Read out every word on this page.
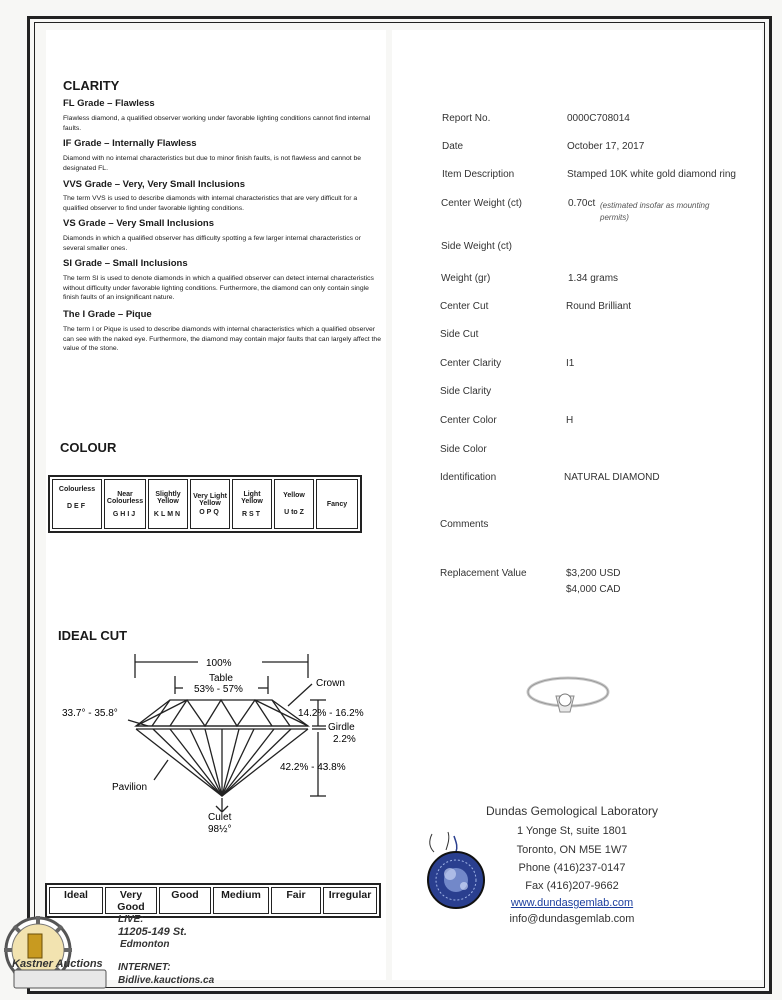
CLARITY
FL Grade – Flawless
Flawless diamond, a qualified observer working under favorable lighting conditions cannot find internal faults.
IF Grade – Internally Flawless
Diamond with no internal characteristics but due to minor finish faults, is not flawless and cannot be designated FL.
VVS Grade – Very, Very Small Inclusions
The term VVS is used to describe diamonds with internal characteristics that are very difficult for a qualified observer to find under favorable lighting conditions.
VS Grade – Very Small Inclusions
Diamonds in which a qualified observer has difficulty spotting a few larger internal characteristics or several smaller ones.
SI Grade – Small Inclusions
The term SI is used to denote diamonds in which a qualified observer can detect internal characteristics without difficulty under favorable lighting conditions. Furthermore, the diamond can only contain single finish faults of an insignificant nature.
The I Grade – Pique
The term I or Pique is used to describe diamonds with internal characteristics which a qualified observer can see with the naked eye. Furthermore, the diamond may contain major faults that can largely affect the value of the stone.
COLOUR
Colourless
DEF

Near Colourless
GHIJ

Slightly Yellow
KLMN

Very Light Yellow
OPQ

Light Yellow
RST

Yellow
U to Z

Fancy
IDEAL CUT
100%
Table
53% - 57%
Crown
33.7° - 35.8°	14.2% - 16.2%
Girdle
2.2%
42.2% - 43.8%
Pavilion
Culet
98½°
Ideal	Very Good	Good	Medium	Fair	Irregular
Report No.	0000C708014
Date	October 17, 2017
Item Description	Stamped 10K white gold diamond ring
Center Weight (ct)	0.70ct (estimated insofar as mounting permits)
Side Weight (ct)
Weight (gr)	1.34 grams
Center Cut	Round Brilliant
Side Cut
Center Clarity	I1
Side Clarity
Center Color	H
Side Color
Identification	NATURAL DIAMOND
Comments
Replacement Value	$3,200 USD
$4,000 CAD
Dundas Gemological Laboratory
1 Yonge St, suite 1801
Toronto, ON M5E 1W7
Phone (416)237-0147
Fax (416)207-9662
www.dundasgemlab.com
info@dundasgemlab.com
Kastner Auctions
LIVE:
11205-149 St.
Edmonton
INTERNET:
Bidlive.kauctions.ca
